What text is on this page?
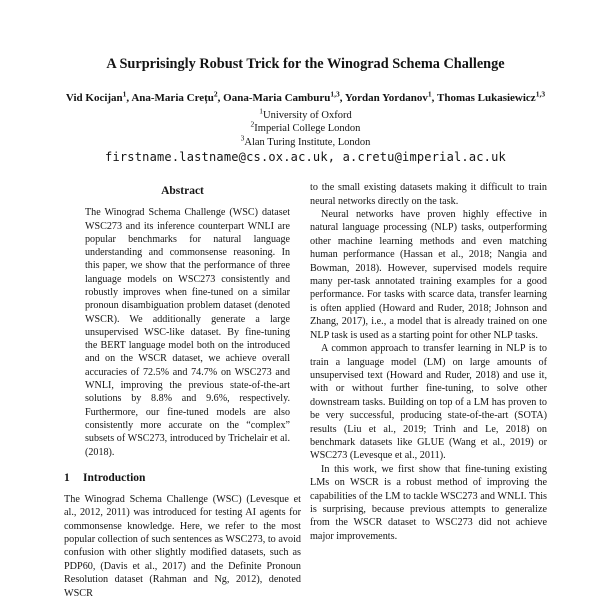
A Surprisingly Robust Trick for the Winograd Schema Challenge
Vid Kocijan$^1$, Ana-Maria Crețu$^2$, Oana-Maria Camburu$^{1,3}$, Yordan Yordanov$^1$, Thomas Lukasiewicz$^{1,3}$
$^1$University of Oxford
$^2$Imperial College London
$^3$Alan Turing Institute, London
firstname.lastname@cs.ox.ac.uk, a.cretu@imperial.ac.uk
Abstract

The Winograd Schema Challenge (WSC) dataset WSC273 and its inference counterpart WNLI are popular benchmarks for natural language understanding and commonsense reasoning. In this paper, we show that the performance of three language models on WSC273 consistently and robustly improves when fine-tuned on a similar pronoun disambiguation problem dataset (denoted WSCR). We additionally generate a large unsupervised WSC-like dataset. By fine-tuning the BERT language model both on the introduced and on the WSCR dataset, we achieve overall accuracies of 72.5% and 74.7% on WSC273 and WNLI, improving the previous state-of-the-art solutions by 8.8% and 9.6%, respectively. Furthermore, our fine-tuned models are also consistently more accurate on the “complex” subsets of WSC273, introduced by Trichelair et al. (2018).

1 Introduction

The Winograd Schema Challenge (WSC) (Levesque et al., 2012, 2011) was introduced for testing AI agents for commonsense knowledge. Here, we refer to the most popular collection of such sentences as WSC273, to avoid confusion with other slightly modified datasets, such as PDP60, (Davis et al., 2017) and the Definite Pronoun Resolution dataset (Rahman and Ng, 2012), denoted WSCR

to the small existing datasets making it difficult to train neural networks directly on the task.

Neural networks have proven highly effective in natural language processing (NLP) tasks, outperforming other machine learning methods and even matching human performance (Hassan et al., 2018; Nangia and Bowman, 2018). However, supervised models require many per-task annotated training examples for a good performance. For tasks with scarce data, transfer learning is often applied (Howard and Ruder, 2018; Johnson and Zhang, 2017), i.e., a model that is already trained on one NLP task is used as a starting point for other NLP tasks.

A common approach to transfer learning in NLP is to train a language model (LM) on large amounts of unsupervised text (Howard and Ruder, 2018) and use it, with or without further fine-tuning, to solve other downstream tasks. Building on top of a LM has proven to be very successful, producing state-of-the-art (SOTA) results (Liu et al., 2019; Trinh and Le, 2018) on benchmark datasets like GLUE (Wang et al., 2019) or WSC273 (Levesque et al., 2011).

In this work, we first show that fine-tuning existing LMs on WSCR is a robust method of improving the capabilities of the LM to tackle WSC273 and WNLI. This is surprising, because previous attempts to generalize from the WSCR dataset to WSC273 did not achieve major improvements.
